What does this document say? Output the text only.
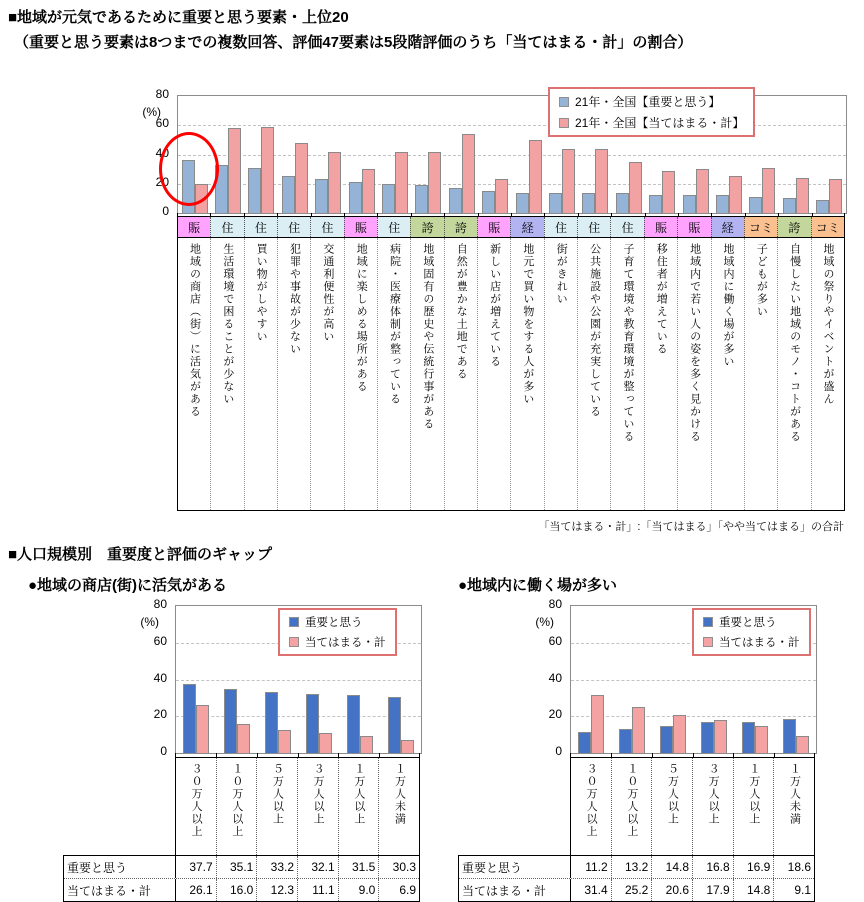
■地域が元気であるために重要と思う要素・上位20
（重要と思う要素は8つまでの複数回答、評価47要素は5段階評価のうち「当てはまる・計」の割合）
0
20
40
60
80
(%)
21年・全国【重要と思う】
21年・全国【当てはまる・計】
賑	住	住	住	住	賑	住	誇	誇	賑	経	住	住	住	賑	賑	経	コミ	誇	コミ
地域の商店（街）に活気がある 生活環境で困ることが少ない 買い物がしやすい 犯罪や事故が少ない 交通利便性が高い 地域に楽しめる場所がある 病院・医療体制が整っている 地域固有の歴史や伝統行事がある 自然が豊かな土地である 新しい店が増えている 地元で買い物をする人が多い 街がきれい 公共施設や公園が充実している 子育て環境や教育環境が整っている 移住者が増えている 地域内で若い人の姿を多く見かける 地域内に働く場が多い 子どもが多い 自慢したい地域のモノ・コトがある 地域の祭りやイベントが盛ん
「当てはまる・計」:「当てはまる」「やや当てはまる」の合計
■人口規模別　重要度と評価のギャップ
●地域の商店(街)に活気がある	●地域内に働く場が多い
0
20
40
60
80
(%)	重要と思う
当てはまる・計
３０万人以上	１０万人以上	５万人以上	３万人以上	１万人以上	１万人未満
重要と思う	37.7	35.1	33.2	32.1	31.5	30.3
当てはまる・計	26.1	16.0	12.3	11.1	9.0	6.9
0
20
40
60
80
(%)	重要と思う
当てはまる・計
３０万人以上	１０万人以上	５万人以上	３万人以上	１万人以上	１万人未満
重要と思う	11.2	13.2	14.8	16.8	16.9	18.6
当てはまる・計	31.4	25.2	20.6	17.9	14.8	9.1
